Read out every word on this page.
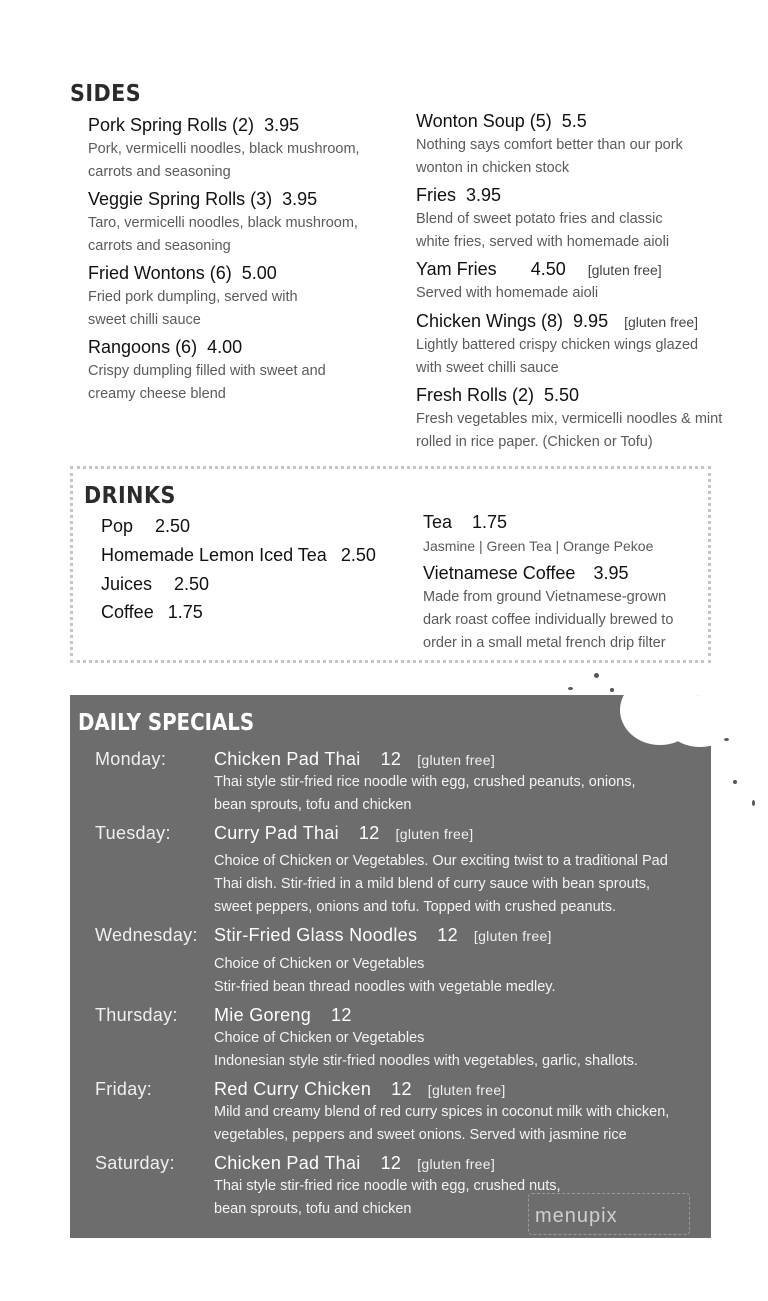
SIDES
Pork Spring Rolls (2) 3.95
Pork, vermicelli noodles, black mushroom,
carrots and seasoning
Veggie Spring Rolls (3) 3.95
Taro, vermicelli noodles, black mushroom,
carrots and seasoning
Fried Wontons (6) 5.00
Fried pork dumpling, served with
sweet chilli sauce
Rangoons (6) 4.00
Crispy dumpling filled with sweet and
creamy cheese blend
Wonton Soup (5) 5.5
Nothing says comfort better than our pork
wonton in chicken stock
Fries 3.95
Blend of sweet potato fries and classic
white fries, served with homemade aioli
Yam Fries 4.50 [gluten free]
Served with homemade aioli
Chicken Wings (8) 9.95 [gluten free]
Lightly battered crispy chicken wings glazed
with sweet chilli sauce
Fresh Rolls (2) 5.50
Fresh vegetables mix, vermicelli noodles & mint
rolled in rice paper. (Chicken or Tofu)
DRINKS
Pop 2.50
Homemade Lemon Iced Tea 2.50
Juices 2.50
Coffee 1.75
Tea 1.75
Jasmine | Green Tea | Orange Pekoe
Vietnamese Coffee 3.95
Made from ground Vietnamese-grown
dark roast coffee individually brewed to
order in a small metal french drip filter
DAILY SPECIALS
Monday:	Chicken Pad Thai 12 [gluten free]
Thai style stir-fried rice noodle with egg, crushed peanuts, onions,
bean sprouts, tofu and chicken
Tuesday: Curry Pad Thai 12 [gluten free]
Choice of Chicken or Vegetables. Our exciting twist to a traditional Pad
Thai dish. Stir-fried in a mild blend of curry sauce with bean sprouts,
sweet peppers, onions and tofu. Topped with crushed peanuts.
Wednesday: Stir-Fried Glass Noodles 12 [gluten free]
Choice of Chicken or Vegetables
Stir-fried bean thread noodles with vegetable medley.
Thursday: Mie Goreng 12
Choice of Chicken or Vegetables
Indonesian style stir-fried noodles with vegetables, garlic, shallots.
Friday:	Red Curry Chicken 12 [gluten free]
Mild and creamy blend of red curry spices in coconut milk with chicken,
vegetables, peppers and sweet onions. Served with jasmine rice
Saturday: Chicken Pad Thai 12 [gluten free]
Thai style stir-fried rice noodle with egg, crushed nuts,
bean sprouts, tofu and chicken	menupix
